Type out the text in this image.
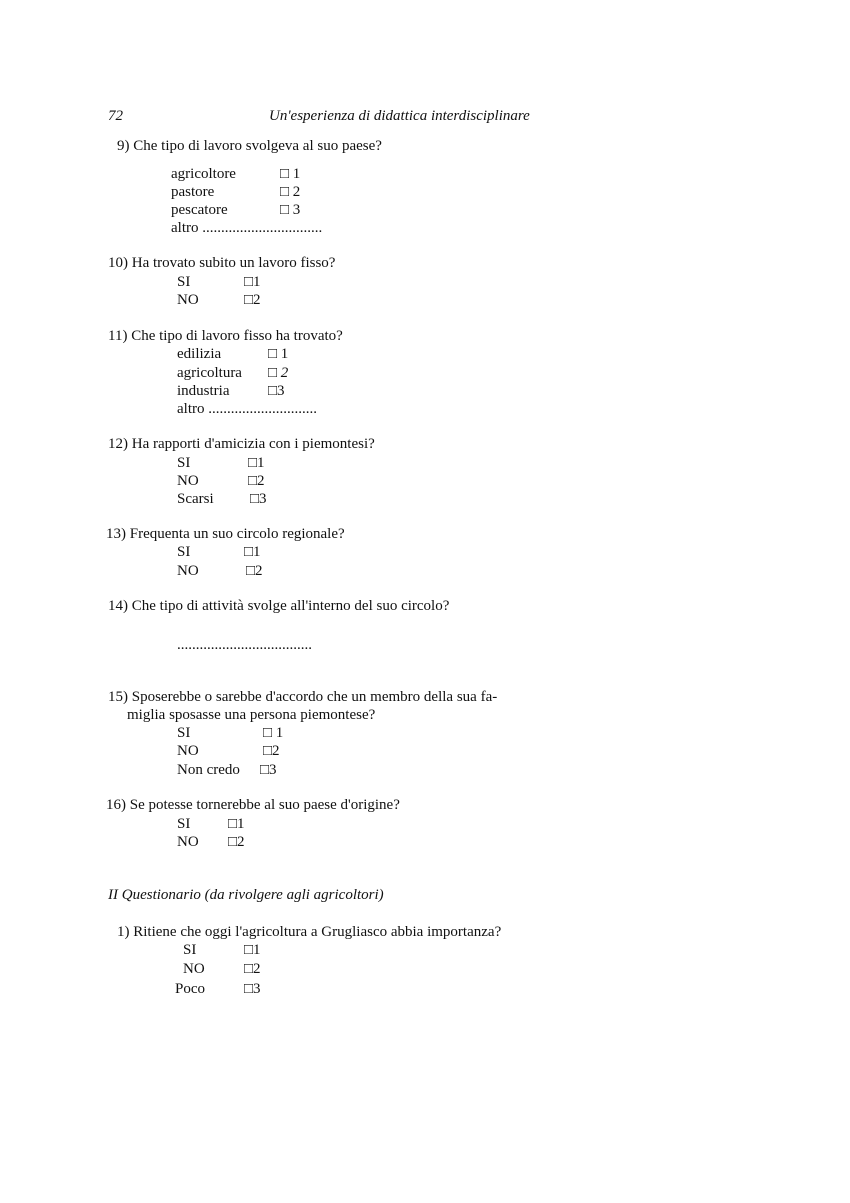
72	Un'esperienza di didattica interdisciplinare
9) Che tipo di lavoro svolgeva al suo paese?
agricoltore	□ 1
pastore	□ 2
pescatore	□ 3
altro ................................
10) Ha trovato subito un lavoro fisso?
SI	□1
NO	□2
11) Che tipo di lavoro fisso ha trovato?
edilizia	□ 1
agricoltura □ 2
industria	□3
altro .............................
12) Ha rapporti d'amicizia con i piemontesi?
SI	□1
NO	□2
Scarsi □3
13) Frequenta un suo circolo regionale?
SI	□1
NO	□2
14) Che tipo di attività svolge all'interno del suo circolo?
....................................
15) Sposerebbe o sarebbe d'accordo che un membro della sua fa-
miglia sposasse una persona piemontese?
SI	□ 1
NO	□2
Non credo □3
16) Se potesse tornerebbe al suo paese d'origine?
SI	□1
NO □2
II Questionario (da rivolgere agli agricoltori)
1) Ritiene che oggi l'agricoltura a Grugliasco abbia importanza?
SI	□1
NO	□2
Poco	□3
